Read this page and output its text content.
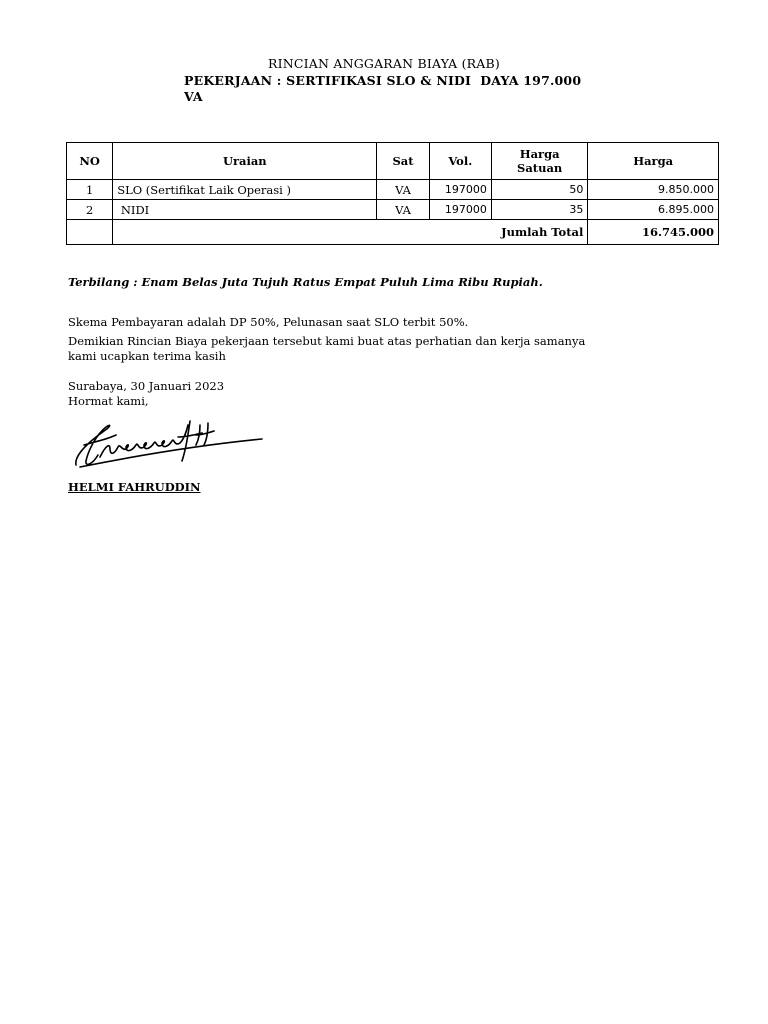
RINCIAN ANGGARAN BIAYA (RAB)
PEKERJAAN : SERTIFIKASI SLO & NIDI  DAYA 197.000
VA
NO	Uraian	Sat	Vol.	Harga Satuan	Harga
1	SLO (Sertifikat Laik Operasi )	VA	197000	50	9.850.000
2	NIDI	VA	197000	35	6.895.000
	Jumlah Total				16.745.000
Terbilang : Enam Belas Juta Tujuh Ratus Empat Puluh Lima Ribu Rupiah.
Skema Pembayaran adalah DP 50%, Pelunasan saat SLO terbit 50%.
Demikian Rincian Biaya pekerjaan tersebut kami buat atas perhatian dan kerja samanya
kami ucapkan terima kasih
Surabaya, 30 Januari 2023
Hormat kami,
HELMI FAHRUDDIN
